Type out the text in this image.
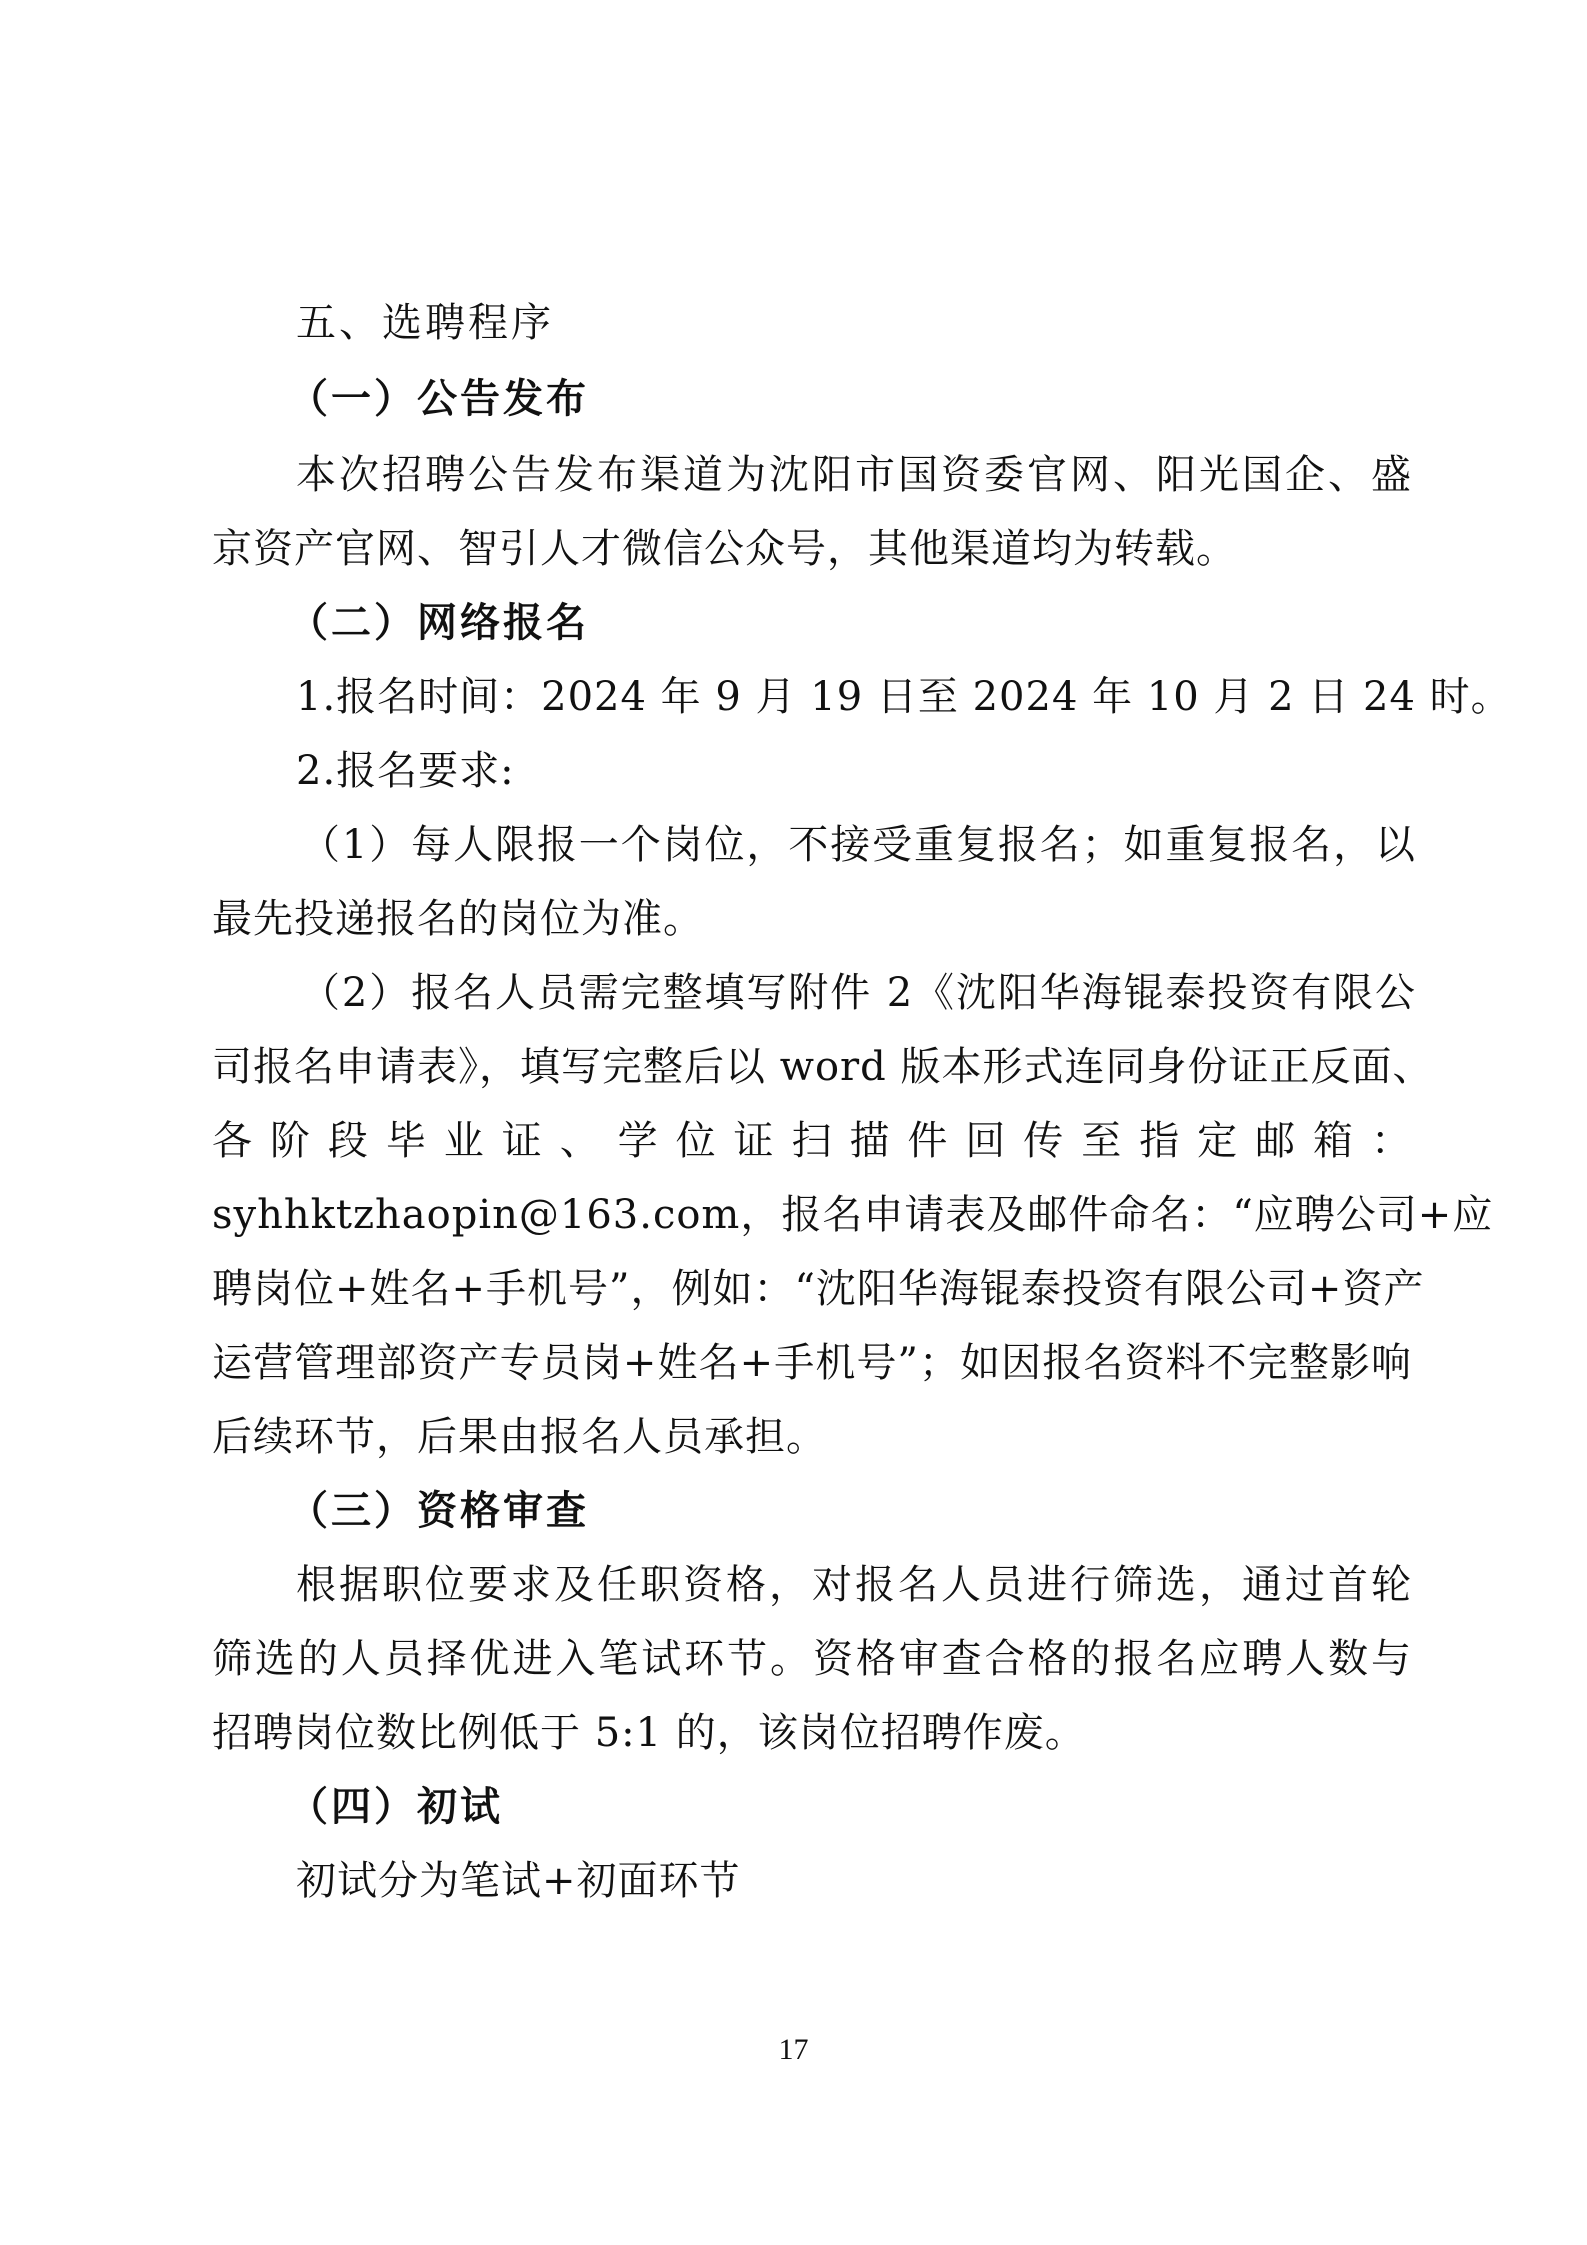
五、选聘程序
（一）公告发布
本次招聘公告发布渠道为沈阳市国资委官网、阳光国企、盛
京资产官网、智引人才微信公众号，其他渠道均为转载。
（二）网络报名
1.报名时间：2024 年 9 月 19 日至 2024 年 10 月 2 日 24 时。
2.报名要求:
（1）每人限报一个岗位，不接受重复报名；如重复报名，以
最先投递报名的岗位为准。
（2）报名人员需完整填写附件 2《沈阳华海锟泰投资有限公
司报名申请表》，填写完整后以 word 版本形式连同身份证正反面、
各 阶 段 毕 业 证 、 学 位 证 扫 描 件 回 传 至 指 定 邮 箱 ：
syhhktzhaopin@163.com，报名申请表及邮件命名：“应聘公司+应
聘岗位+姓名+手机号”，例如：“沈阳华海锟泰投资有限公司+资产
运营管理部资产专员岗+姓名+手机号”；如因报名资料不完整影响
后续环节，后果由报名人员承担。
（三）资格审查
根据职位要求及任职资格，对报名人员进行筛选，通过首轮
筛选的人员择优进入笔试环节。资格审查合格的报名应聘人数与
招聘岗位数比例低于 5:1 的，该岗位招聘作废。
（四）初试
初试分为笔试+初面环节
17
